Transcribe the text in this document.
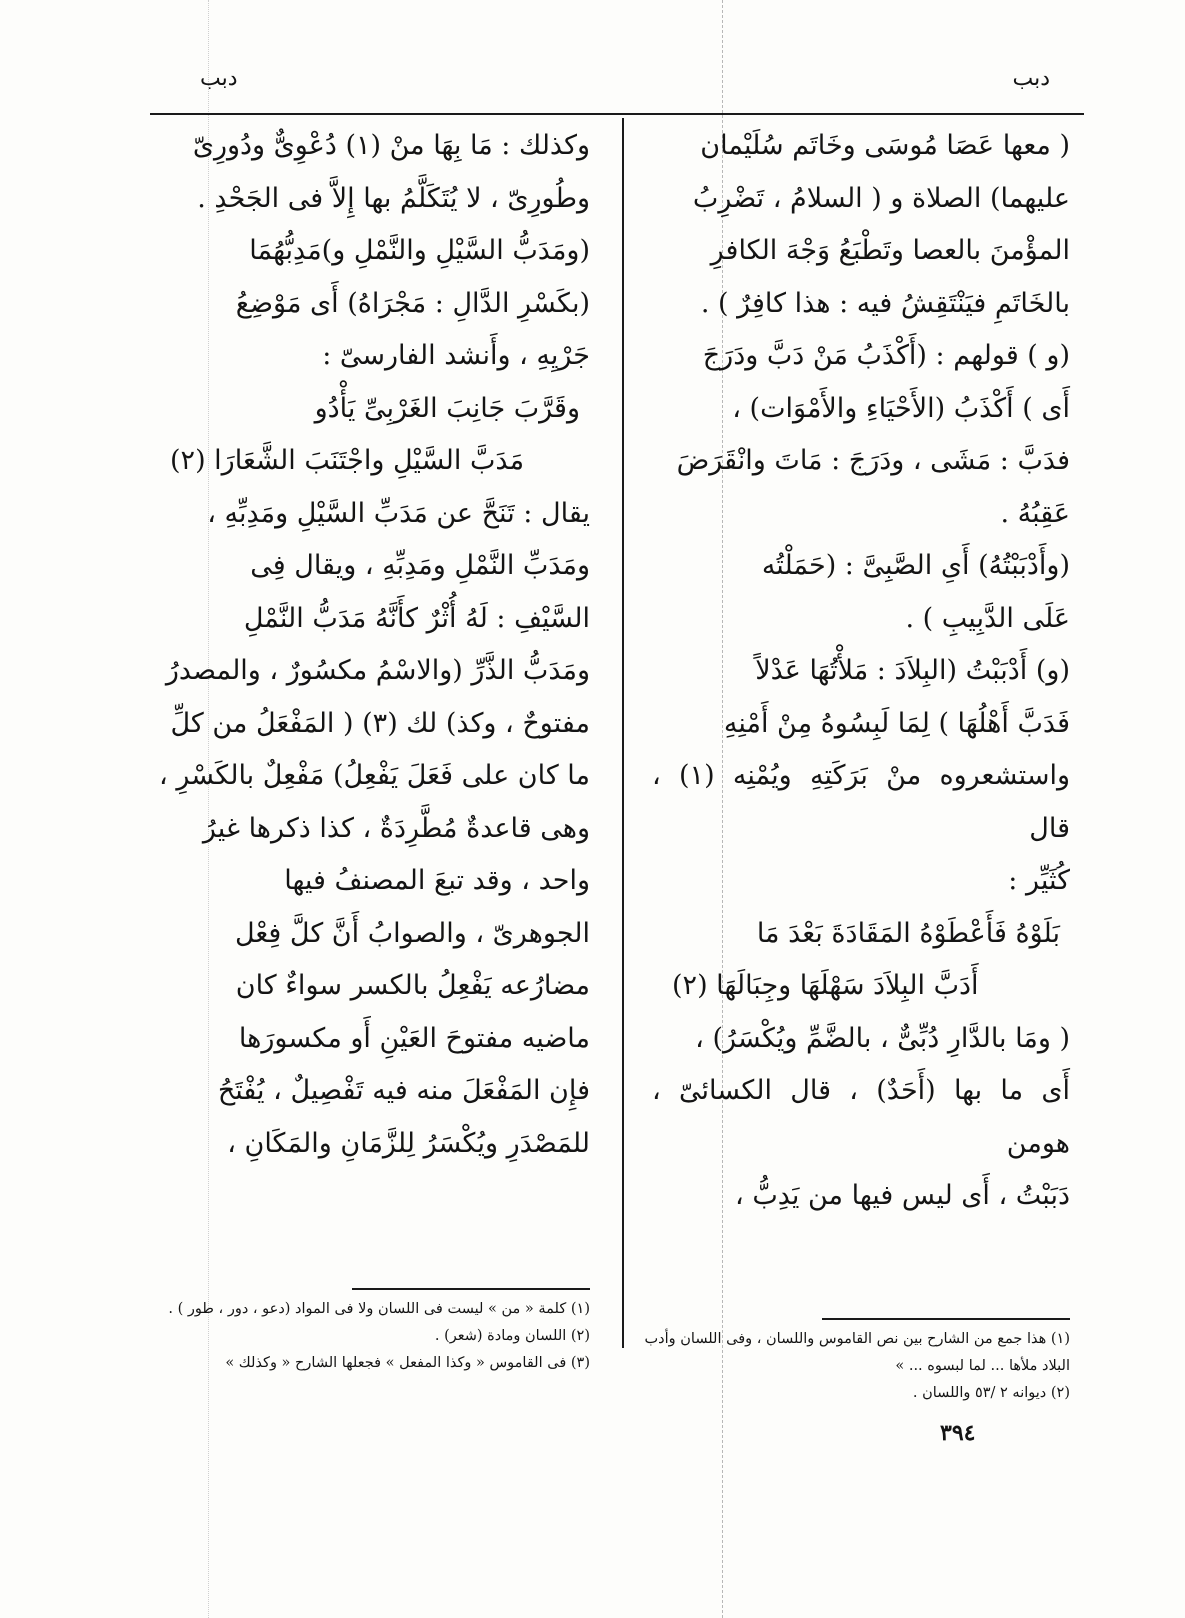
دبب
دبب

( معها عَصَا مُوسَى وخَاتَم سُلَيْمان

عليهما) الصلاة و ( السلامُ ، تَضْرِبُ

المؤْمنَ بالعصا وتَطْبَعُ وَجْهَ الكافرِ

بالخَاتَمِ فيَنْتَقِشُ فيه : هذا كافِرٌ ) .

(و ) قولهم : (أَكْذَبُ مَنْ دَبَّ ودَرَجَ

أَى ) أَكْذَبُ (الأَحْيَاءِ والأَمْوَات) ،

فدَبَّ : مَشَى ، ودَرَجَ : مَاتَ وانْقَرَضَ

عَقِبُهُ .

(وأَدْبَبْتُهُ) أَىِ الصَّبِىَّ : (حَمَلْتُه

عَلَى الدَّبِيبِ ) .

(و) أَدْبَبْتُ (البِلاَدَ : مَلأْتُهَا عَدْلاً

فَدَبَّ أَهْلُهَا ) لِمَا لَبِسُوهُ مِنْ أَمْنِهِ

واستشعروه منْ بَرَكَتِهِ ويُمْنِه (١) ، قال

كُثَيِّر :

بَلَوْهُ فَأَعْطَوْهُ المَقَادَةَ بَعْدَ مَا

أَدَبَّ البِلاَدَ سَهْلَهَا وجِبَالَهَا (٢)

( ومَا بالدَّارِ دُبِّىٌّ ، بالضَّمِّ ويُكْسَرُ) ،

أَى ما بها (أَحَدٌ) ، قال الكسائىّ ، هومن

دَبَبْتُ ، أَى ليس فيها من يَدِبُّ ،

وكذلك : مَا بِهَا منْ (١) دُعْوِىٌّ ودُورِىّ

وطُورِىّ ، لا يُتَكَلَّمُ بها إِلاَّ فى الجَحْدِ .

(ومَدَبُّ السَّيْلِ والنَّمْلِ و)مَدِبُّهُمَا

(بكَسْرِ الدَّالِ : مَجْرَاهُ) أَى مَوْضِعُ

جَرْيِهِ ، وأَنشد الفارسىّ :

وقَرَّبَ جَانِبَ الغَرْبِىِّ يَأْدُو

مَدَبَّ السَّيْلِ واجْتَنَبَ الشَّعَارَا (٢)

يقال : تَنَحَّ عن مَدَبِّ السَّيْلِ ومَدِبِّهِ ،

ومَدَبِّ النَّمْلِ ومَدِبِّهِ ، ويقال فِى

السَّيْفِ : لَهُ أُثْرٌ كأَنَّهُ مَدَبُّ النَّمْلِ

ومَدَبُّ الذَّرِّ (والاسْمُ مكسُورٌ ، والمصدرُ

مفتوحٌ ، وكذ) لك (٣) ( المَفْعَلُ من كلِّ

ما كان على فَعَلَ يَفْعِلُ) مَفْعِلٌ بالكَسْرِ ،

وهى قاعدةٌ مُطَّرِدَةٌ ، كذا ذكرها غيرُ

واحد ، وقد تبعَ المصنفُ فيها

الجوهرىّ ، والصوابُ أَنَّ كلَّ فِعْل

مضارُعه يَفْعِلُ بالكسر سواءٌ كان

ماضيه مفتوحَ العَيْنِ أَو مكسورَها

فإِن المَفْعَلَ منه فيه تَفْصِيلٌ ، يُفْتَحُ

للمَصْدَرِ ويُكْسَرُ لِلزَّمَانِ والمَكَانِ ،

(١) هذا جمع من الشارح بين نص القاموس واللسان ، وفى اللسان وأدب البلاد ملأها ... لما لبسوه ... »

(٢) ديوانه ٢ /٥٣ واللسان .

(١) كلمة « من » ليست فى اللسان ولا فى المواد (دعو ، دور ، طور ) .

(٢) اللسان ومادة (شعر) .

(٣) فى القاموس « وكذا المفعل » فجعلها الشارح « وكذلك »

٣٩٤
